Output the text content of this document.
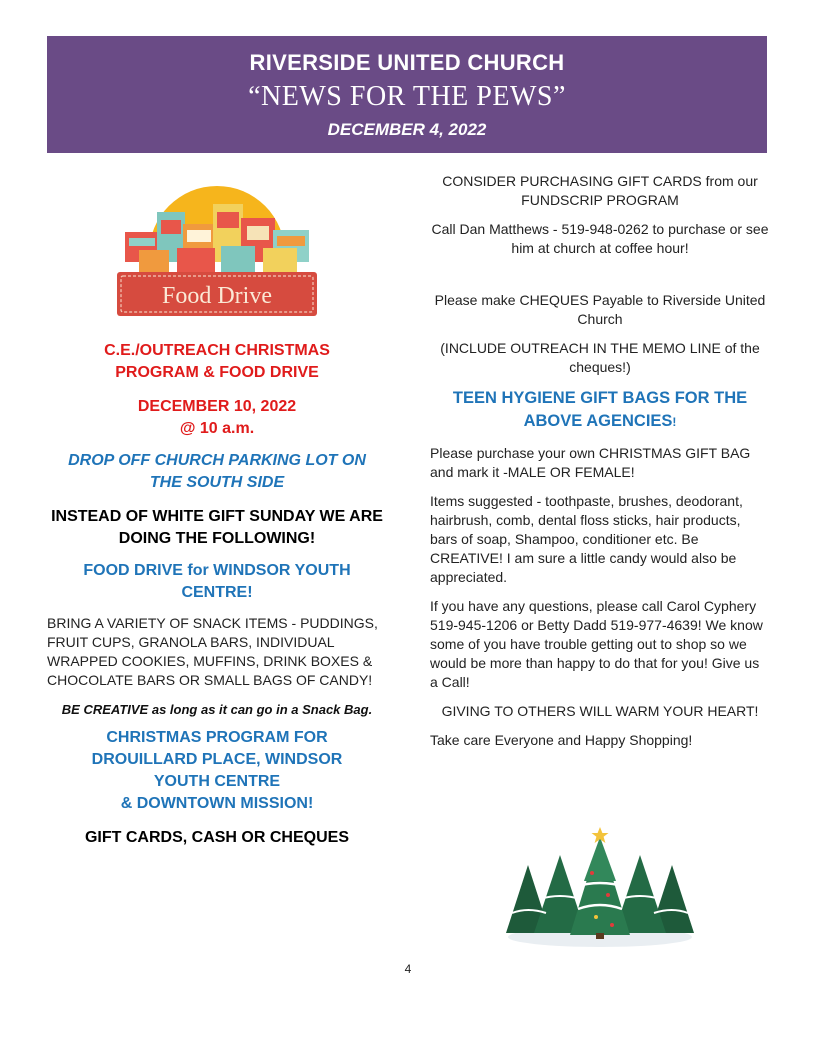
RIVERSIDE UNITED CHURCH
“NEWS FOR THE PEWS”
DECEMBER 4, 2022
Food Drive

C.E./OUTREACH CHRISTMAS PROGRAM & FOOD DRIVE

DECEMBER 10, 2022

@ 10 a.m.

DROP OFF CHURCH PARKING LOT ON THE SOUTH SIDE

INSTEAD OF WHITE GIFT SUNDAY WE ARE DOING THE FOLLOWING!

FOOD DRIVE for WINDSOR YOUTH CENTRE!

BRING A VARIETY OF SNACK ITEMS - PUDDINGS, FRUIT CUPS, GRANOLA BARS, INDIVIDUAL WRAPPED COOKIES, MUFFINS, DRINK BOXES & CHOCOLATE BARS OR SMALL BAGS OF CANDY!

BE CREATIVE as long as it can go in a Snack Bag.

CHRISTMAS PROGRAM FOR DROUILLARD PLACE, WINDSOR YOUTH CENTRE

& DOWNTOWN MISSION!

GIFT CARDS, CASH OR CHEQUES

CONSIDER PURCHASING GIFT CARDS from our FUNDSCRIP PROGRAM

Call Dan Matthews - 519-948-0262 to purchase or see him at church at coffee hour!

Please make CHEQUES Payable to Riverside United Church

(INCLUDE OUTREACH IN THE MEMO LINE of the cheques!)

TEEN HYGIENE GIFT BAGS FOR THE ABOVE AGENCIES!

Please purchase your own CHRISTMAS GIFT BAG and mark it -MALE OR FEMALE!

Items suggested - toothpaste, brushes, deodorant, hairbrush, comb, dental floss sticks, hair products, bars of soap, Shampoo, conditioner etc. Be CREATIVE! I am sure a little candy would also be appreciated.

If you have any questions, please call Carol Cyphery 519-945-1206 or Betty Dadd 519-977-4639! We know some of you have trouble getting out to shop so we would be more than happy to do that for you! Give us a Call!

GIVING TO OTHERS WILL WARM YOUR HEART!

Take care Everyone and Happy Shopping!

4
